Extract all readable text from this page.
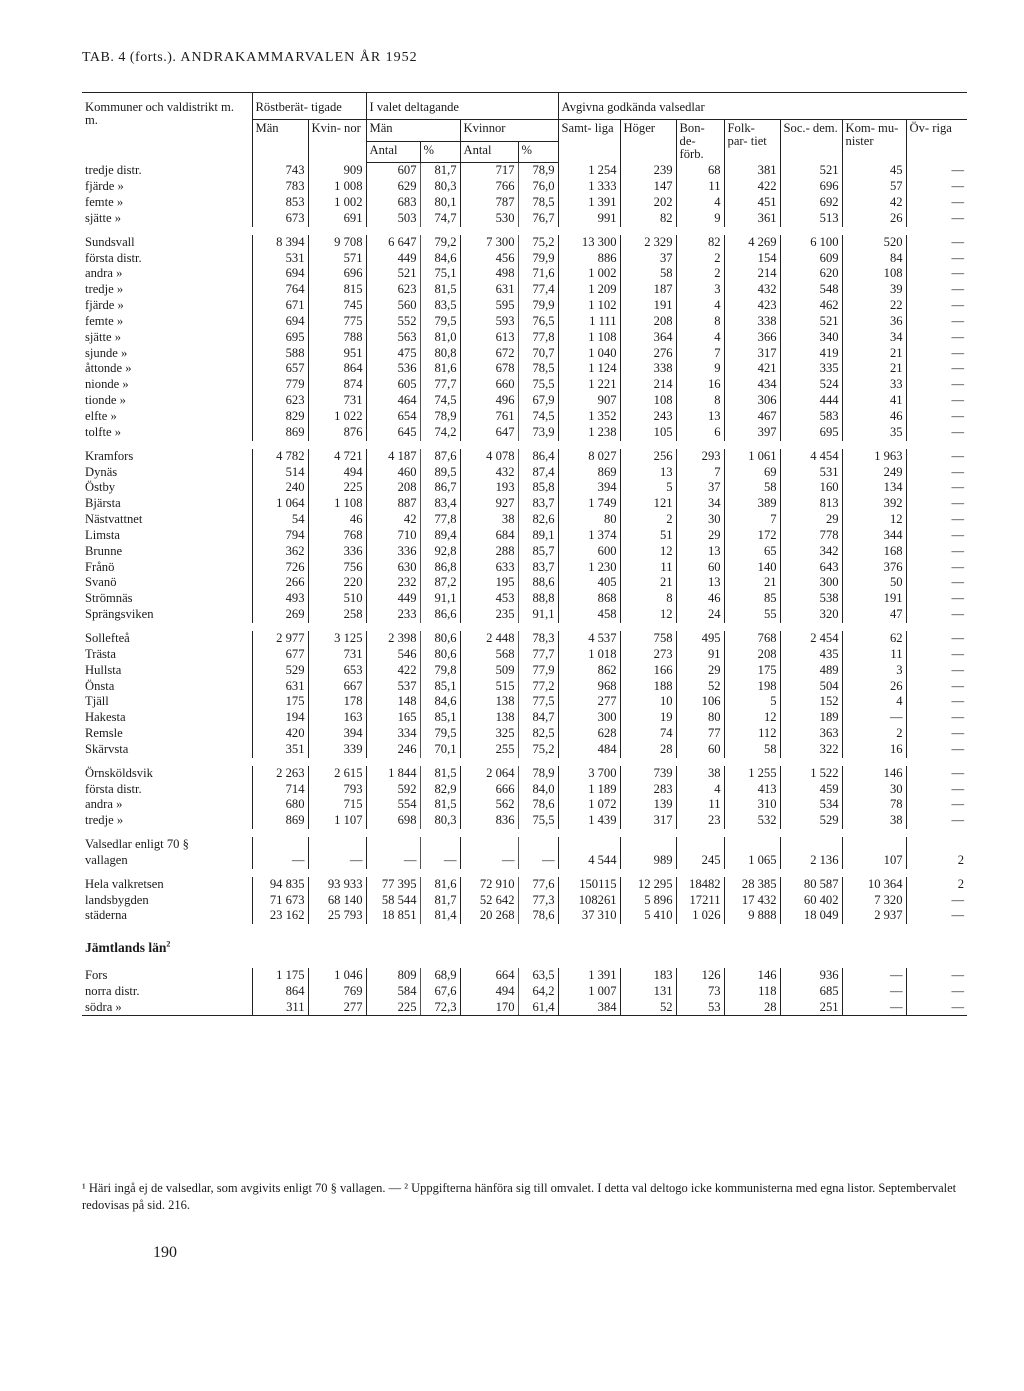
TAB. 4 (forts.). ANDRAKAMMARVALEN ÅR 1952
Kommuner och valdistrikt m. m.	Röstberät- tigade		I valet deltagande				Avgivna godkända valsedlar						
	Män	Kvin- nor	Män		Kvinnor		Samt- liga	Höger	Bon- de- förb.	Folk- par- tiet	Soc.- dem.	Kom- mu- nister	Öv- riga
			Antal	%	Antal	%							
tredje distr.	743	909	607	81,7	717	78,9	1 254	239	68	381	521	45	—
fjärde »	783	1 008	629	80,3	766	76,0	1 333	147	11	422	696	57	—
femte »	853	1 002	683	80,1	787	78,5	1 391	202	4	451	692	42	—
sjätte »	673	691	503	74,7	530	76,7	991	82	9	361	513	26	—

Sundsvall	8 394	9 708	6 647	79,2	7 300	75,2	13 300	2 329	82	4 269	6 100	520	—
första distr.	531	571	449	84,6	456	79,9	886	37	2	154	609	84	—
andra »	694	696	521	75,1	498	71,6	1 002	58	2	214	620	108	—
tredje »	764	815	623	81,5	631	77,4	1 209	187	3	432	548	39	—
fjärde »	671	745	560	83,5	595	79,9	1 102	191	4	423	462	22	—
femte »	694	775	552	79,5	593	76,5	1 111	208	8	338	521	36	—
sjätte »	695	788	563	81,0	613	77,8	1 108	364	4	366	340	34	—
sjunde »	588	951	475	80,8	672	70,7	1 040	276	7	317	419	21	—
åttonde »	657	864	536	81,6	678	78,5	1 124	338	9	421	335	21	—
nionde »	779	874	605	77,7	660	75,5	1 221	214	16	434	524	33	—
tionde »	623	731	464	74,5	496	67,9	907	108	8	306	444	41	—
elfte »	829	1 022	654	78,9	761	74,5	1 352	243	13	467	583	46	—
tolfte »	869	876	645	74,2	647	73,9	1 238	105	6	397	695	35	—

Kramfors	4 782	4 721	4 187	87,6	4 078	86,4	8 027	256	293	1 061	4 454	1 963	—
Dynäs	514	494	460	89,5	432	87,4	869	13	7	69	531	249	—
Östby	240	225	208	86,7	193	85,8	394	5	37	58	160	134	—
Bjärsta	1 064	1 108	887	83,4	927	83,7	1 749	121	34	389	813	392	—
Nästvattnet	54	46	42	77,8	38	82,6	80	2	30	7	29	12	—
Limsta	794	768	710	89,4	684	89,1	1 374	51	29	172	778	344	—
Brunne	362	336	336	92,8	288	85,7	600	12	13	65	342	168	—
Frånö	726	756	630	86,8	633	83,7	1 230	11	60	140	643	376	—
Svanö	266	220	232	87,2	195	88,6	405	21	13	21	300	50	—
Strömnäs	493	510	449	91,1	453	88,8	868	8	46	85	538	191	—
Sprängsviken	269	258	233	86,6	235	91,1	458	12	24	55	320	47	—

Sollefteå	2 977	3 125	2 398	80,6	2 448	78,3	4 537	758	495	768	2 454	62	—
Trästa	677	731	546	80,6	568	77,7	1 018	273	91	208	435	11	—
Hullsta	529	653	422	79,8	509	77,9	862	166	29	175	489	3	—
Önsta	631	667	537	85,1	515	77,2	968	188	52	198	504	26	—
Tjäll	175	178	148	84,6	138	77,5	277	10	106	5	152	4	—
Hakesta	194	163	165	85,1	138	84,7	300	19	80	12	189	—	—
Remsle	420	394	334	79,5	325	82,5	628	74	77	112	363	2	—
Skärvsta	351	339	246	70,1	255	75,2	484	28	60	58	322	16	—

Örnsköldsvik	2 263	2 615	1 844	81,5	2 064	78,9	3 700	739	38	1 255	1 522	146	—
första distr.	714	793	592	82,9	666	84,0	1 189	283	4	413	459	30	—
andra »	680	715	554	81,5	562	78,6	1 072	139	11	310	534	78	—
tredje »	869	1 107	698	80,3	836	75,5	1 439	317	23	532	529	38	—

Valsedlar enligt 70 §													
vallagen	—	—	—	—	—	—	4 544	989	245	1 065	2 136	107	2

Hela valkretsen	94 835	93 933	77 395	81,6	72 910	77,6	150115	12 295	18482	28 385	80 587	10 364	2
landsbygden	71 673	68 140	58 544	81,7	52 642	77,3	108261	5 896	17211	17 432	60 402	7 320	—
städerna	23 162	25 793	18 851	81,4	20 268	78,6	37 310	5 410	1 026	9 888	18 049	2 937	—
Jämtlands län$^2$
Fors	1 175	1 046	809	68,9	664	63,5	1 391	183	126	146	936	—	—
norra distr.	864	769	584	67,6	494	64,2	1 007	131	73	118	685	—	—
södra »	311	277	225	72,3	170	61,4	384	52	53	28	251	—	—
¹ Häri ingå ej de valsedlar, som avgivits enligt 70 § vallagen. — ² Uppgifterna hänföra sig till omvalet. I detta val deltogo icke kommunisterna med egna listor. Septembervalet redovisas på sid. 216.
190
